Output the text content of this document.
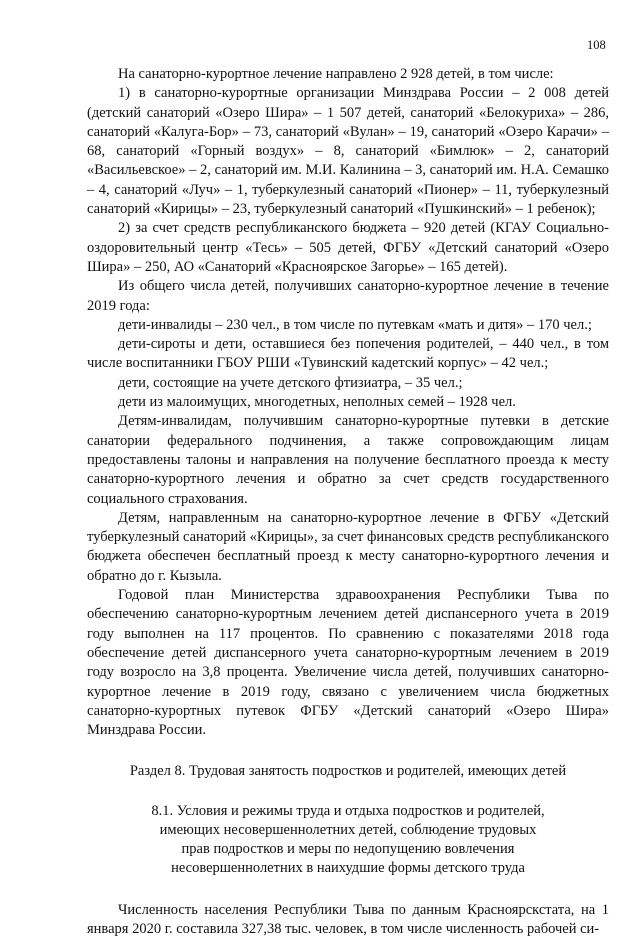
108

На санаторно-курортное лечение направлено 2 928 детей, в том числе:

1) в санаторно-курортные организации Минздрава России – 2 008 детей (детский санаторий «Озеро Шира» – 1 507 детей, санаторий «Белокуриха» – 286, санаторий «Калуга-Бор» – 73, санаторий «Вулан» – 19, санаторий «Озеро Карачи» – 68, санаторий «Горный воздух» – 8, санаторий «Бимлюк» – 2, санаторий «Васильевское» – 2, санаторий им. М.И. Калинина – 3, санаторий им. Н.А. Семашко – 4, санаторий «Луч» – 1, туберкулезный санаторий «Пионер» – 11, туберкулезный санаторий «Кирицы» – 23, туберкулезный санаторий «Пушкинский» – 1 ребенок);

2) за счет средств республиканского бюджета – 920 детей (КГАУ Социально-оздоровительный центр «Тесь» – 505 детей, ФГБУ «Детский санаторий «Озеро Шира» – 250, АО «Санаторий «Красноярское Загорье» – 165 детей).

Из общего числа детей, получивших санаторно-курортное лечение в течение 2019 года:

дети-инвалиды – 230 чел., в том числе по путевкам «мать и дитя» – 170 чел.;

дети-сироты и дети, оставшиеся без попечения родителей, – 440 чел., в том числе воспитанники ГБОУ РШИ «Тувинский кадетский корпус» – 42 чел.;

дети, состоящие на учете детского фтизиатра, – 35 чел.;

дети из малоимущих, многодетных, неполных семей – 1928 чел.

Детям-инвалидам, получившим санаторно-курортные путевки в детские санатории федерального подчинения, а также сопровождающим лицам предоставлены талоны и направления на получение бесплатного проезда к месту санаторно-курортного лечения и обратно за счет средств государственного социального страхования.

Детям, направленным на санаторно-курортное лечение в ФГБУ «Детский туберкулезный санаторий «Кирицы», за счет финансовых средств республиканского бюджета обеспечен бесплатный проезд к месту санаторно-курортного лечения и обратно до г. Кызыла.

Годовой план Министерства здравоохранения Республики Тыва по обеспечению санаторно-курортным лечением детей диспансерного учета в 2019 году выполнен на 117 процентов. По сравнению с показателями 2018 года обеспечение детей диспансерного учета санаторно-курортным лечением в 2019 году возросло на 3,8 процента. Увеличение числа детей, получивших санаторно-курортное лечение в 2019 году, связано с увеличением числа бюджетных санаторно-курортных путевок ФГБУ «Детский санаторий «Озеро Шира» Минздрава России.

Раздел 8. Трудовая занятость подростков и родителей, имеющих детей

8.1. Условия и режимы труда и отдыха подростков и родителей,
имеющих несовершеннолетних детей, соблюдение трудовых
прав подростков и меры по недопущению вовлечения
несовершеннолетних в наихудшие формы детского труда

Численность населения Республики Тыва по данным Красноярскстата, на 1 января 2020 г. составила 327,38 тыс. человек, в том числе численность рабочей си-
